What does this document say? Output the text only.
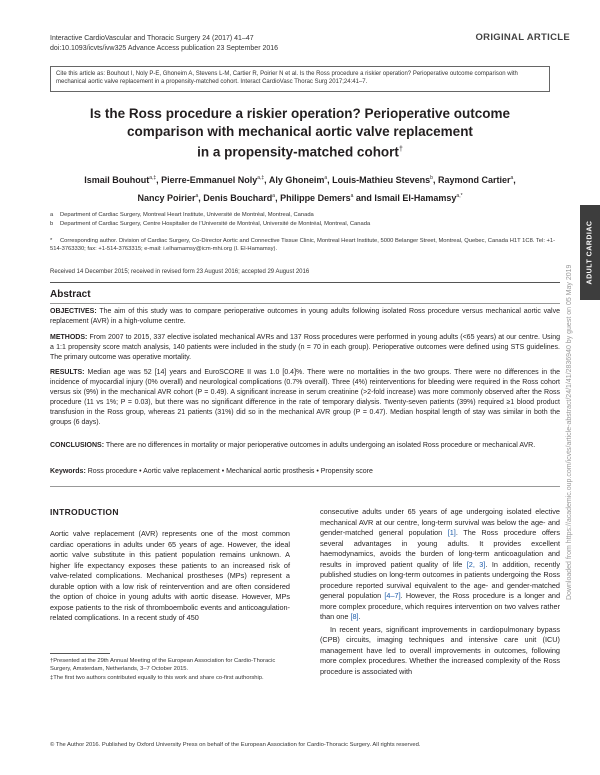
Interactive CardioVascular and Thoracic Surgery 24 (2017) 41–47
doi:10.1093/icvts/ivw325 Advance Access publication 23 September 2016
ORIGINAL ARTICLE
Cite this article as: Bouhout I, Noly P-E, Ghoneim A, Stevens L-M, Cartier R, Poirier N et al. Is the Ross procedure a riskier operation? Perioperative outcome comparison with mechanical aortic valve replacement in a propensity-matched cohort. Interact CardioVasc Thorac Surg 2017;24:41–7.
Is the Ross procedure a riskier operation? Perioperative outcome
comparison with mechanical aortic valve replacement
in a propensity-matched cohort†
Ismail Bouhout$^{a,\ddagger}$, Pierre-Emmanuel Noly$^{a,\ddagger}$, Aly Ghoneim$^a$, Louis-Mathieu Stevens$^b$, Raymond Cartier$^a$,
Nancy Poirier$^a$, Denis Bouchard$^a$, Philippe Demers$^a$ and Ismail El-Hamamsy$^{a,*}$
a Department of Cardiac Surgery, Montreal Heart Institute, Université de Montréal, Montreal, Canada
b Department of Cardiac Surgery, Centre Hospitalier de l’Université de Montréal, Université de Montréal, Montreal, Canada
* Corresponding author. Division of Cardiac Surgery, Co-Director Aortic and Connective Tissue Clinic, Montreal Heart Institute, 5000 Belanger Street, Montreal, Quebec, Canada H1T 1C8. Tel: +1-514-3763330; fax: +1-514-3763315; e-mail: i.elhamamsy@icm-mhi.org (I. El-Hamamsy).
Received 14 December 2015; received in revised form 23 August 2016; accepted 29 August 2016
Abstract
OBJECTIVES: The aim of this study was to compare perioperative outcomes in young adults following isolated Ross procedure versus mechanical aortic valve replacement (AVR) in a high-volume centre.
METHODS: From 2007 to 2015, 337 elective isolated mechanical AVRs and 137 Ross procedures were performed in young adults (<65 years) at our centre. Using a 1:1 propensity score match analysis, 140 patients were included in the study (n = 70 in each group). Perioperative outcomes were defined using STS guidelines. The primary outcome was operative mortality.
RESULTS: Median age was 52 [14] years and EuroSCORE II was 1.0 [0.4]%. There were no mortalities in the two groups. There were no differences in the incidence of myocardial injury (0% overall) and neurological complications (0.7% overall). Three (4%) reinterventions for bleeding were required in the Ross cohort versus six (9%) in the mechanical AVR cohort (P = 0.49). A significant increase in serum creatinine (>2-fold increase) was more commonly observed after the Ross procedure (11 vs 1%; P = 0.03), but there was no significant difference in the rate of temporary dialysis. Twenty-seven patients (39%) required ≥1 blood product transfusion in the Ross group, whereas 21 patients (31%) did so in the mechanical AVR group (P = 0.47). Median hospital length of stay was similar in both the groups (6 days).
CONCLUSIONS: There are no differences in mortality or major perioperative outcomes in adults undergoing an isolated Ross procedure or mechanical AVR.
Keywords: Ross procedure • Aortic valve replacement • Mechanical aortic prosthesis • Propensity score
INTRODUCTION

Aortic valve replacement (AVR) represents one of the most common cardiac operations in adults under 65 years of age. However, the ideal aortic valve substitute in this patient population remains unknown. A higher life expectancy exposes these patients to an increased risk of valve-related complications. Mechanical prostheses (MPs) represent a durable option with a low risk of reintervention and are often considered the option of choice in young adults with aortic disease. However, MPs expose patients to the risk of thromboembolic events and anticoagulation-related complications. In a recent study of 450

consecutive adults under 65 years of age undergoing isolated elective mechanical AVR at our centre, long-term survival was below the age- and gender-matched general population [1]. The Ross procedure offers several advantages in young adults. It provides excellent haemodynamics, avoids the burden of long-term anticoagulation and results in improved patient quality of life [2, 3]. In addition, recently published studies on long-term outcomes in patients undergoing the Ross procedure reported survival equivalent to the age- and gender-matched general population [4–7]. However, the Ross procedure is a longer and more complex procedure, which requires intervention on two valves rather than one [8].

In recent years, significant improvements in cardiopulmonary bypass (CPB) circuits, imaging techniques and intensive care unit (ICU) management have led to overall improvements in outcomes, following more complex procedures. Whether the increased complexity of the Ross procedure is associated with

†Presented at the 29th Annual Meeting of the European Association for Cardio-Thoracic Surgery, Amsterdam, Netherlands, 3–7 October 2015.
‡The first two authors contributed equally to this work and share co-first authorship.
© The Author 2016. Published by Oxford University Press on behalf of the European Association for Cardio-Thoracic Surgery. All rights reserved.
ADULT CARDIAC
Downloaded from https://academic.oup.com/icvts/article-abstract/24/1/41/2836940 by guest on 05 May 2019
